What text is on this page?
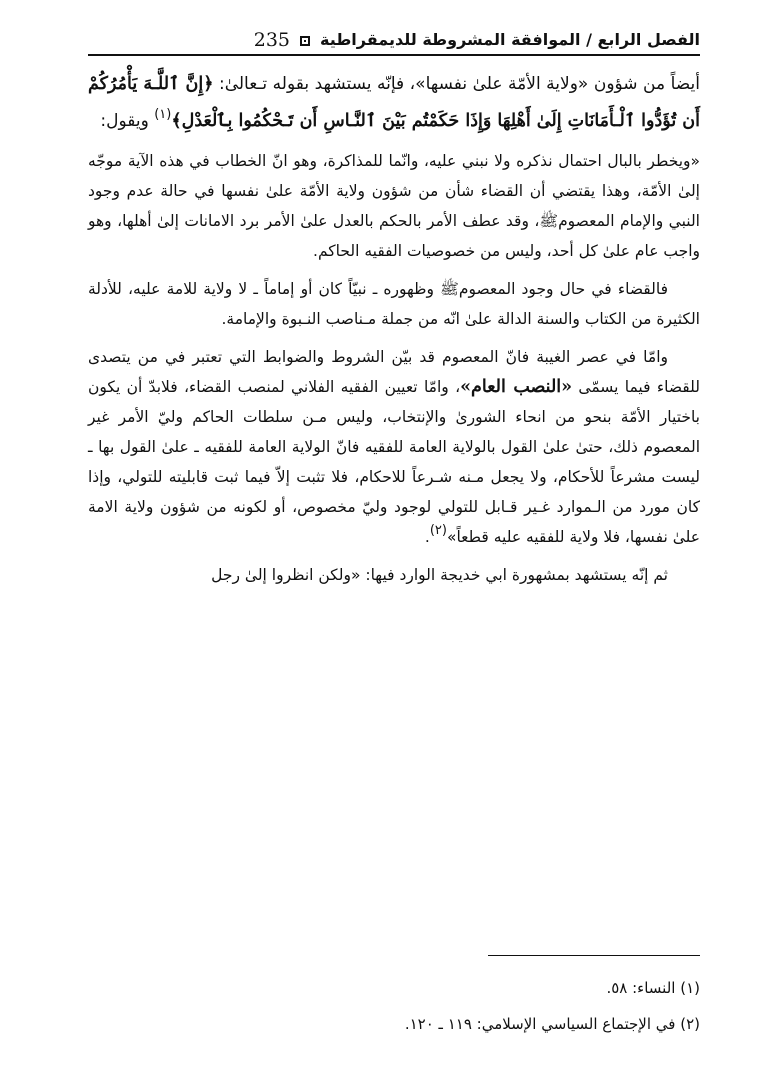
الفصل الرابع / الموافقة المشروطة للديمقراطية
235

أيضاً من شؤون «ولاية الأمّة علىٰ نفسها»، فإنّه يستشهد بقوله تـعالىٰ: ﴿إِنَّ ٱللَّـهَ يَأْمُرُكُمْ أَن تُؤَدُّوا ٱلْـأَمَانَاتِ إِلَىٰ أَهْلِهَا وَإِذَا حَكَمْتُم بَيْنَ ٱلنَّـاسِ أَن تَـحْكُمُوا بِٱلْعَدْلِ﴾$^{(١)}$ ويقول:

«ويخطر بالبال احتمال نذكره ولا نبني عليه، وانّما للمذاكرة، وهو انّ الخطاب في هذه الآية موجّه إلىٰ الأمّة، وهذا يقتضي أن القضاء شأن من شؤون ولاية الأمّة علىٰ نفسها في حالة عدم وجود النبي والإمام المعصومﷺ، وقد عطف الأمر بالحكم بالعدل علىٰ الأمر برد الامانات إلىٰ أهلها، وهو واجب عام علىٰ كل أحد، وليس من خصوصيات الفقيه الحاكم.

فالقضاء في حال وجود المعصومﷺ وظهوره ـ نبيّاً كان أو إماماً ـ لا ولاية للامة عليه، للأدلة الكثيرة من الكتاب والسنة الدالة علىٰ انّه من جملة مـناصب النـبوة والإمامة.

وامّا في عصر الغيبة فانّ المعصوم قد بيّن الشروط والضوابط التي تعتبر في من يتصدى للقضاء فيما يسمّى «النصب العام»، وامّا تعيين الفقيه الفلاني لمنصب القضاء، فلابدّ أن يكون باختيار الأمّة بنحو من انحاء الشورىٰ والإنتخاب، وليس مـن سلطات الحاكم وليّ الأمر غير المعصوم ذلك، حتىٰ علىٰ القول بالولاية العامة للفقيه فانّ الولاية العامة للفقيه ـ علىٰ القول بها ـ ليست مشرعاً للأحكام، ولا يجعل مـنه شـرعاً للاحكام، فلا تثبت إلاّ فيما ثبت قابليته للتولي، وإذا كان مورد من الـموارد غـير قـابل للتولي لوجود وليّ مخصوص، أو لكونه من شؤون ولاية الامة علىٰ نفسها، فلا ولاية للفقيه عليه قطعاً»$^{(٢)}$.

ثم إنّه يستشهد بمشهورة ابي خديجة الوارد فيها: «ولكن انظروا إلىٰ رجل

(١) النساء: ٥٨.

(٢) في الإجتماع السياسي الإسلامي: ١١٩ ـ ١٢٠.
